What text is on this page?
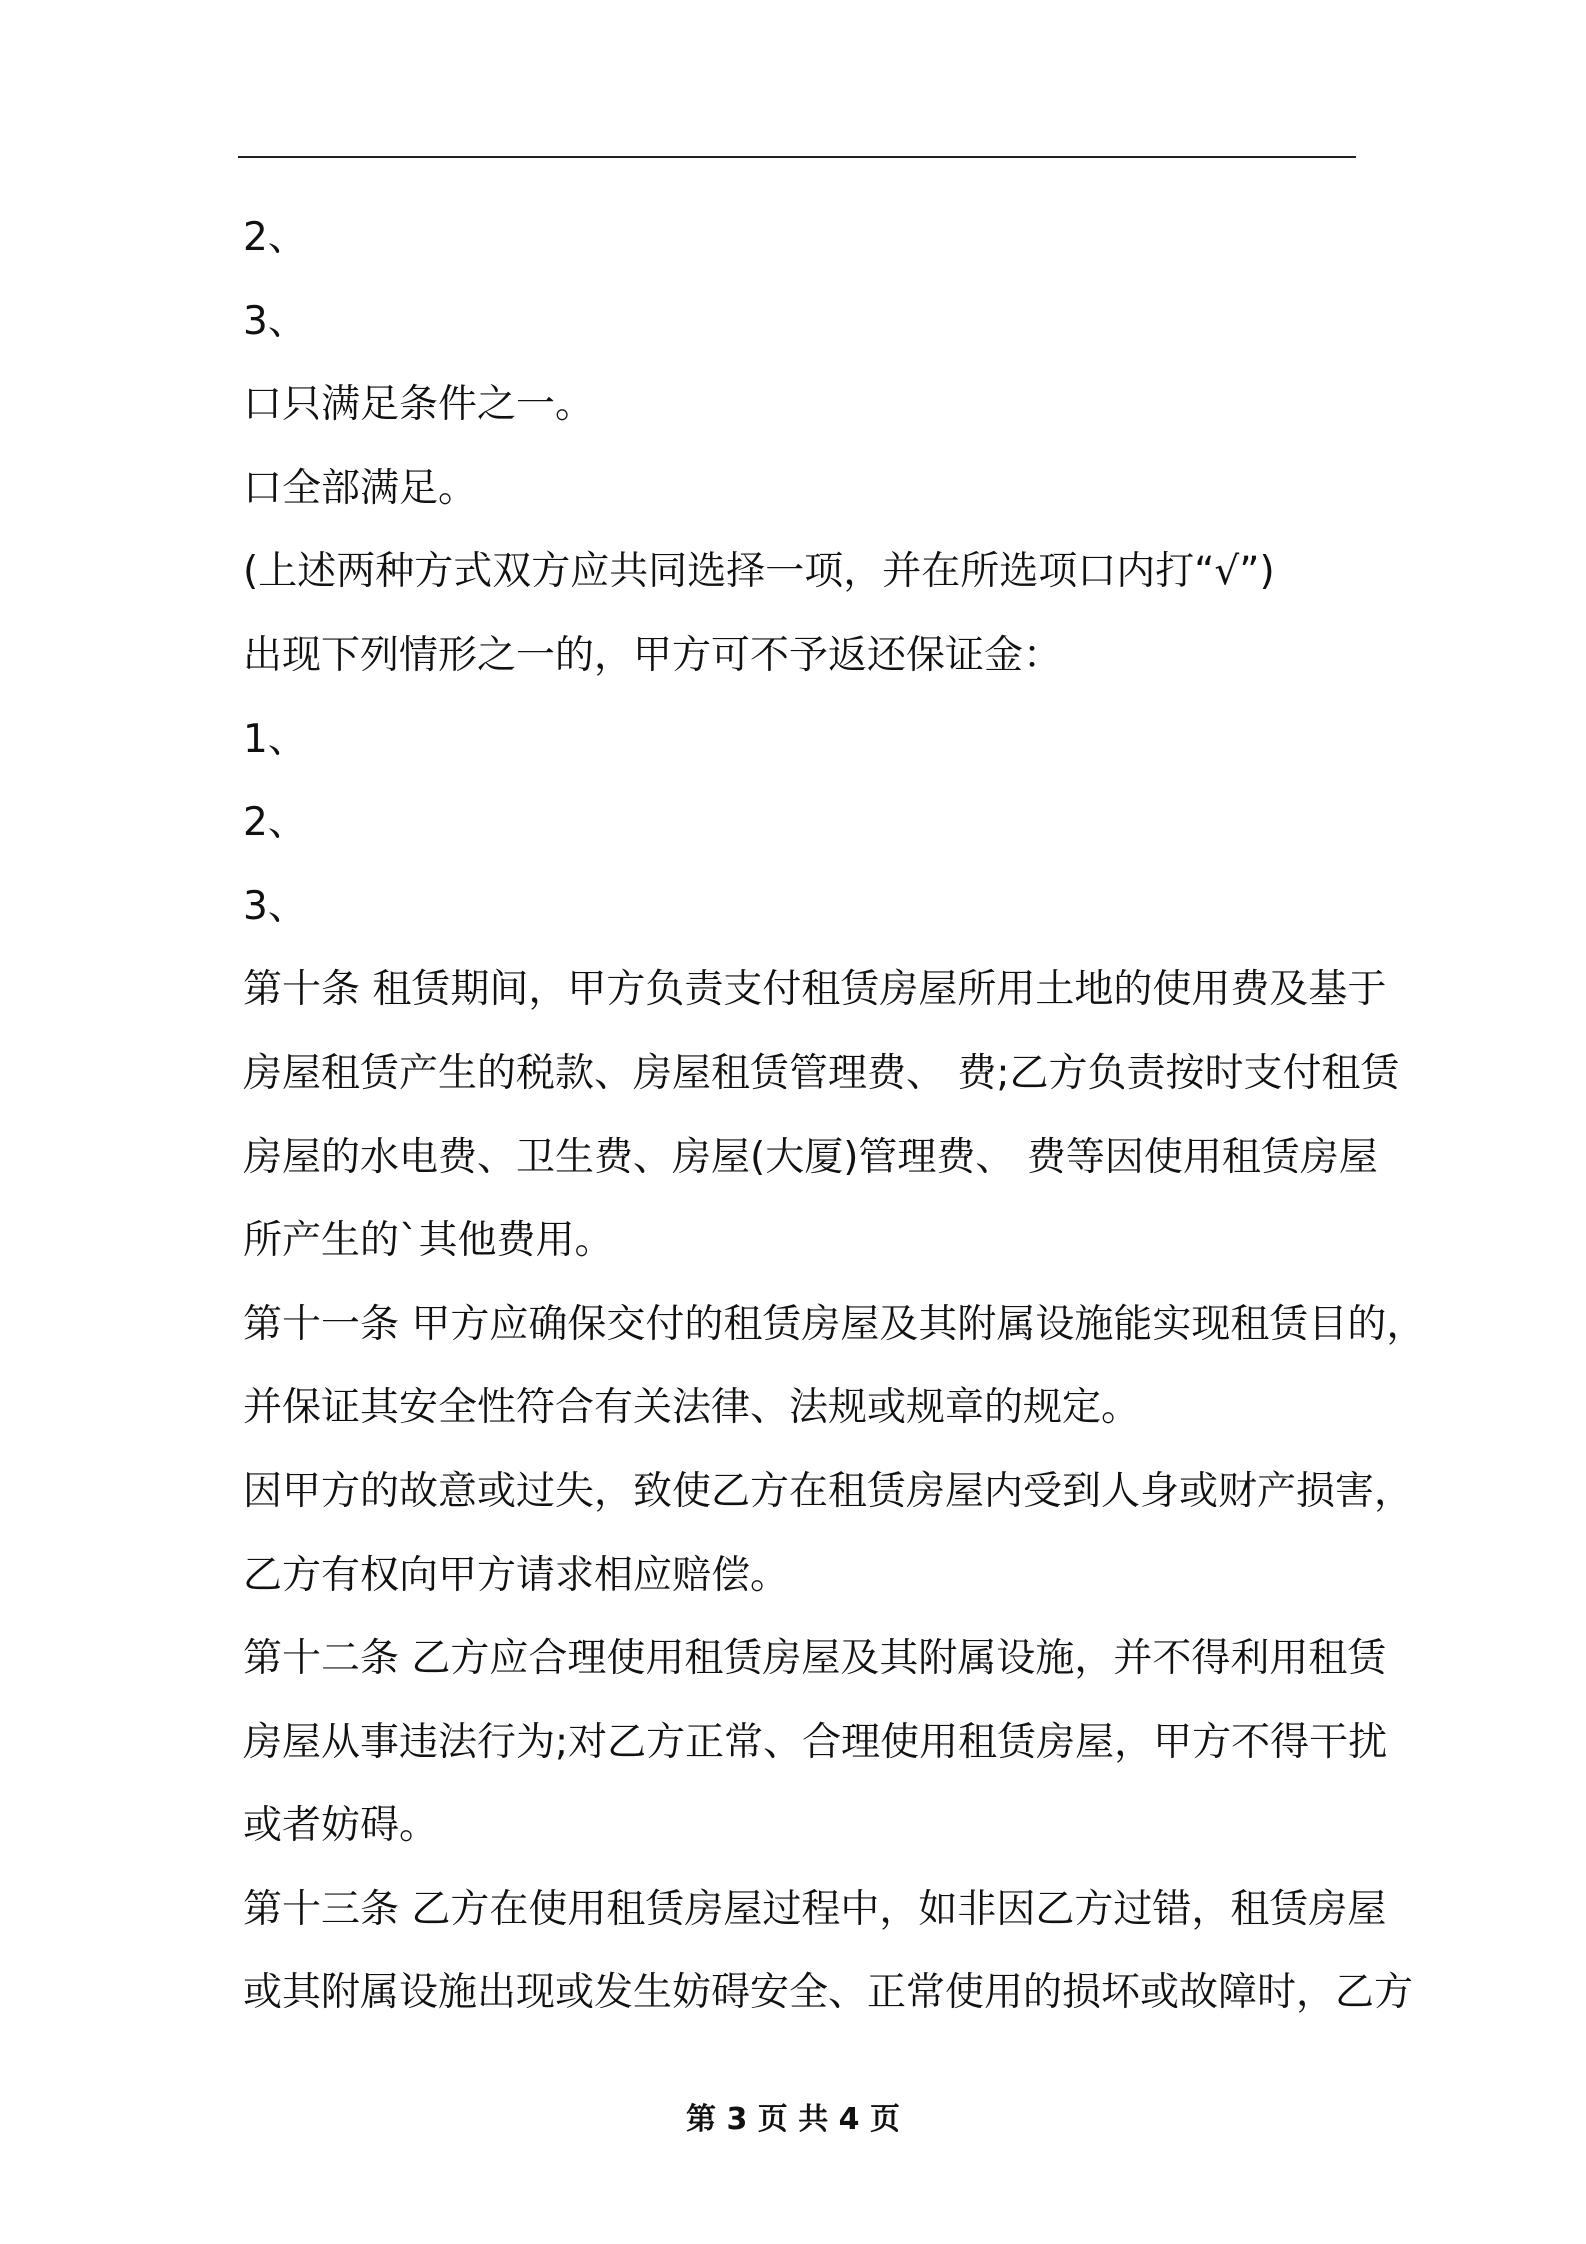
2、
3、
口只满足条件之一。
口全部满足。
(上述两种方式双方应共同选择一项，并在所选项口内打“√”)
出现下列情形之一的，甲方可不予返还保证金：
1、
2、
3、
第十条 租赁期间，甲方负责支付租赁房屋所用土地的使用费及基于
房屋租赁产生的税款、房屋租赁管理费、 费;乙方负责按时支付租赁
房屋的水电费、卫生费、房屋(大厦)管理费、 费等因使用租赁房屋
所产生的`其他费用。
第十一条 甲方应确保交付的租赁房屋及其附属设施能实现租赁目的，
并保证其安全性符合有关法律、法规或规章的规定。
因甲方的故意或过失，致使乙方在租赁房屋内受到人身或财产损害，
乙方有权向甲方请求相应赔偿。
第十二条 乙方应合理使用租赁房屋及其附属设施，并不得利用租赁
房屋从事违法行为;对乙方正常、合理使用租赁房屋，甲方不得干扰
或者妨碍。
第十三条 乙方在使用租赁房屋过程中，如非因乙方过错，租赁房屋
或其附属设施出现或发生妨碍安全、正常使用的损坏或故障时，乙方
第 3 页 共 4 页
